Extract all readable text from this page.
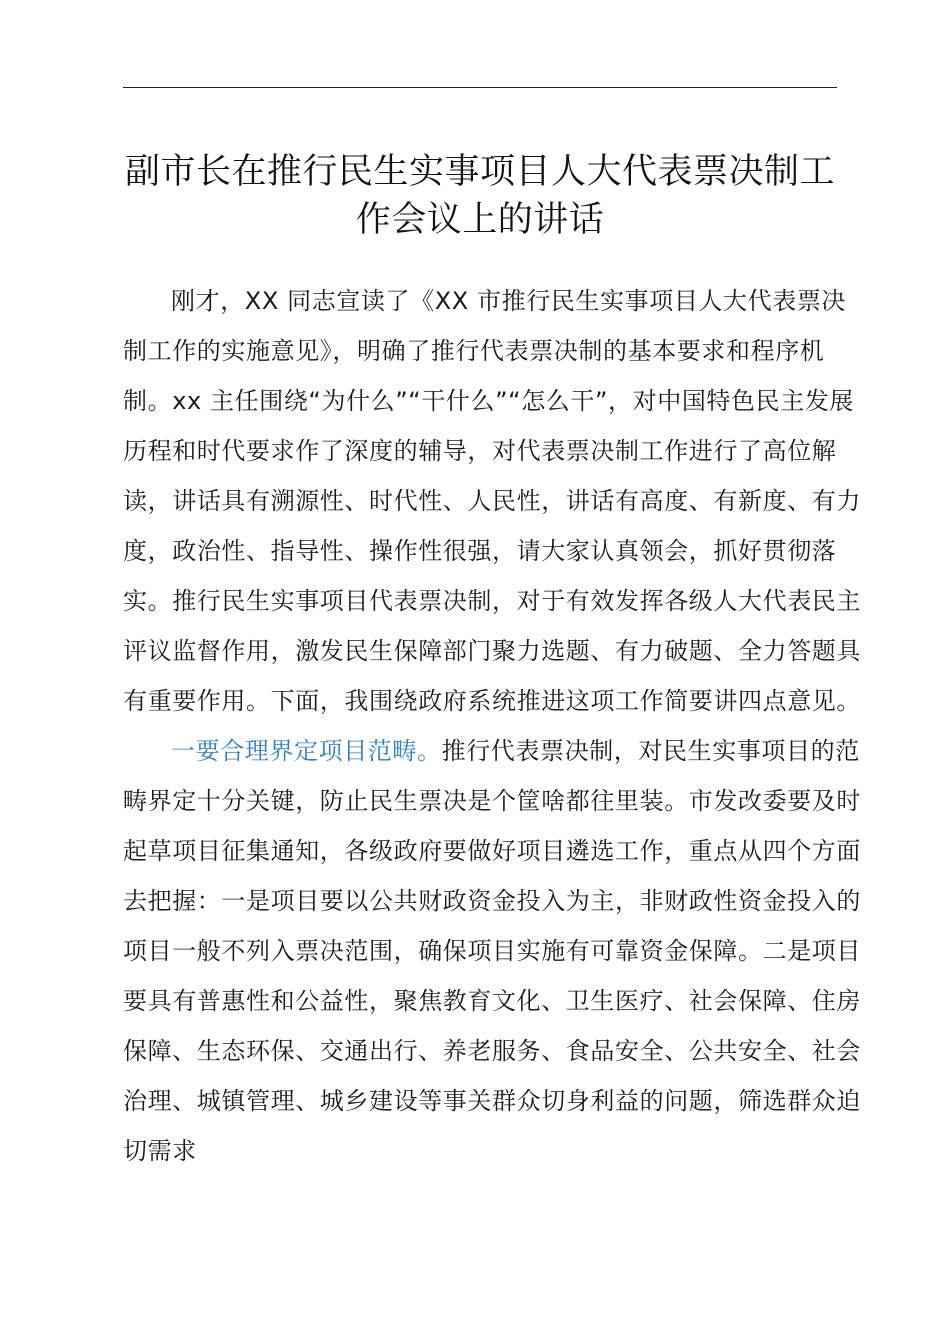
副市长在推行民生实事项目人大代表票决制工
作会议上的讲话

刚才，XX 同志宣读了《XX 市推行民生实事项目人大代表票决制工作的实施意见》，明确了推行代表票决制的基本要求和程序机制。xx 主任围绕“为什么”“干什么”“怎么干”，对中国特色民主发展历程和时代要求作了深度的辅导，对代表票决制工作进行了高位解读，讲话具有溯源性、时代性、人民性，讲话有高度、有新度、有力度，政治性、指导性、操作性很强，请大家认真领会，抓好贯彻落实。推行民生实事项目代表票决制，对于有效发挥各级人大代表民主评议监督作用，激发民生保障部门聚力选题、有力破题、全力答题具有重要作用。下面，我围绕政府系统推进这项工作简要讲四点意见。

一要合理界定项目范畴。推行代表票决制，对民生实事项目的范畴界定十分关键，防止民生票决是个筐啥都往里装。市发改委要及时起草项目征集通知，各级政府要做好项目遴选工作，重点从四个方面去把握：一是项目要以公共财政资金投入为主，非财政性资金投入的项目一般不列入票决范围，确保项目实施有可靠资金保障。二是项目要具有普惠性和公益性，聚焦教育文化、卫生医疗、社会保障、住房保障、生态环保、交通出行、养老服务、食品安全、公共安全、社会治理、城镇管理、城乡建设等事关群众切身利益的问题，筛选群众迫切需求
